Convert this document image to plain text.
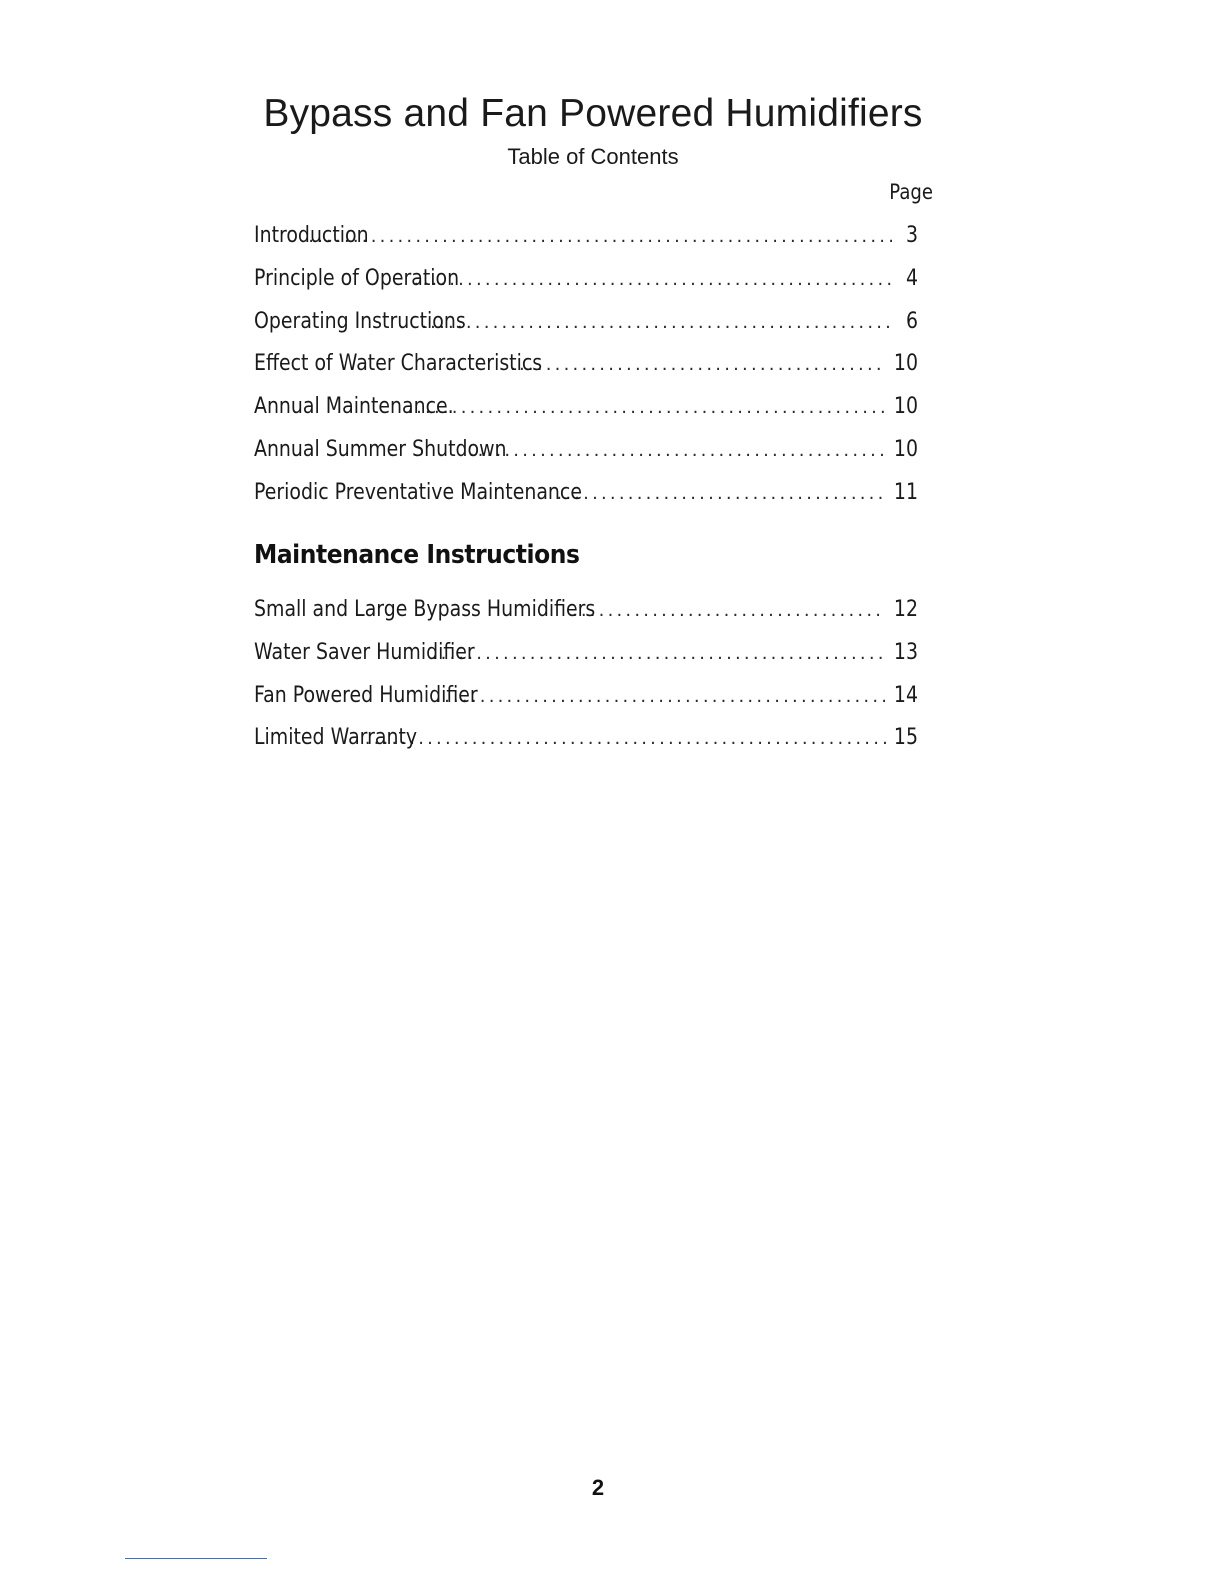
Bypass and Fan Powered Humidifiers
Table of Contents
Page
Introduction .....	3
Principle of Operation .....	4
Operating Instructions .....	6
Effect of Water Characteristics .....	10
Annual Maintenance. .....	10
Annual Summer Shutdown .....	10
Periodic Preventative Maintenance .....	11
Maintenance Instructions
Small and Large Bypass Humidifiers .....	12
Water Saver Humidifier .....	13
Fan Powered Humidifier .....	14
Limited Warranty .....	15
2
